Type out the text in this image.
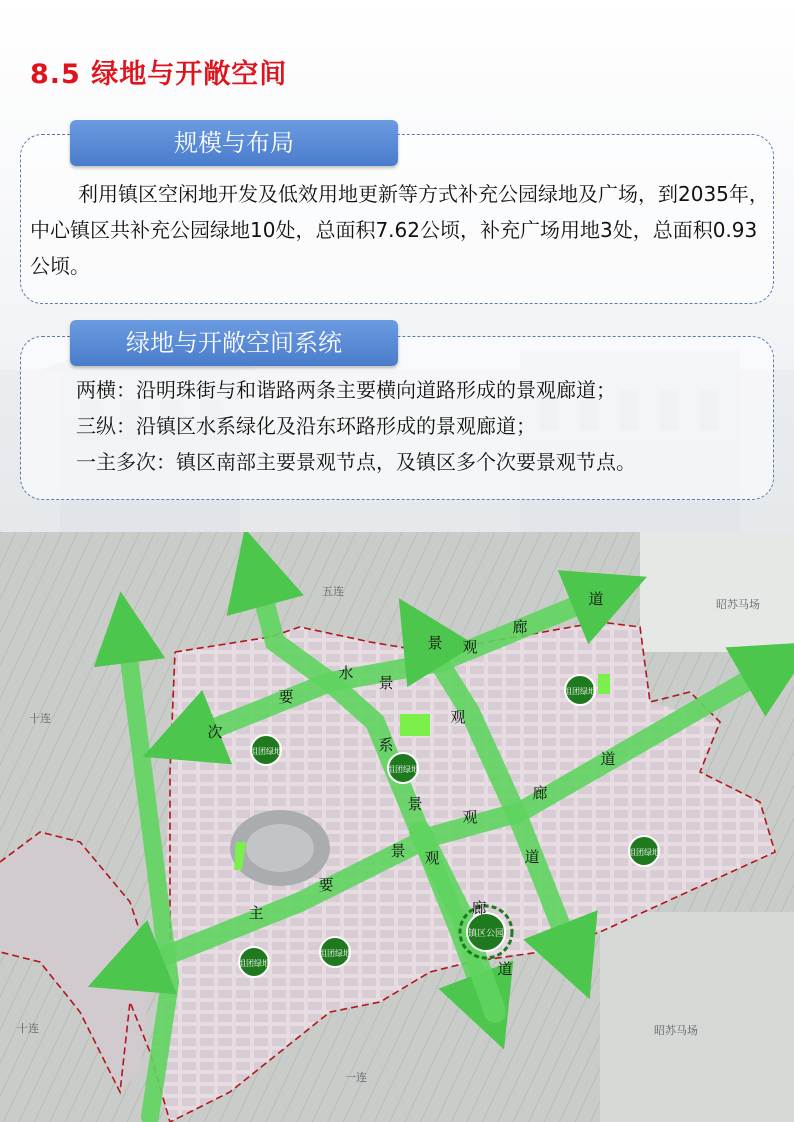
8.5 绿地与开敞空间
规模与布局
利用镇区空闲地开发及低效用地更新等方式补充公园绿地及广场，到2035年，中心镇区共补充公园绿地10处，总面积7.62公顷，补充广场用地3处，总面积0.93公顷。
绿地与开敞空间系统
两横：沿明珠街与和谐路两条主要横向道路形成的景观廊道；
三纵：沿镇区水系绿化及沿东环路形成的景观廊道；
一主多次：镇区南部主要景观节点，及镇区多个次要景观节点。
组团绿地
组团绿地
组团绿地
组团绿地
组团绿地
组团绿地
镇区公园
景 观
廊
道
次
要
水
系
景
观
景
观
廊
道
主
要
景 观	道
道
廊
五连
昭苏马场
十连
十连	昭苏马场
一连
